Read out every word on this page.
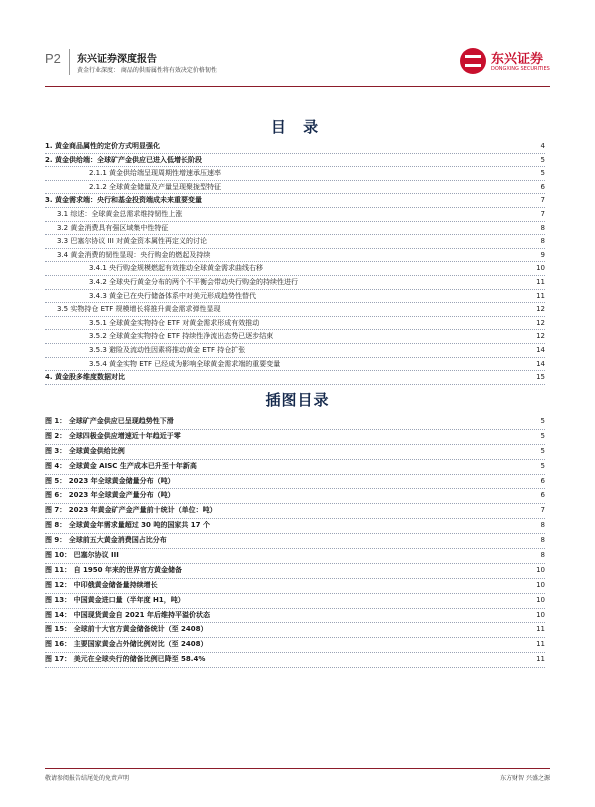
P2 东兴证券深度报告
黄金行业深度： 商品的供需属性将有效决定价格韧性
东兴证券
DONGXING SECURITIES
目 录
1. 黄金商品属性的定价方式明显强化	4
2. 黄金供给端：全球矿产金供应已进入低增长阶段	5
2.1.1 黄金供给端呈现周期性增速承压速率	5
2.1.2 全球黄金储量及产量呈现聚拢型特征	6
3. 黄金需求端：央行和基金投资端成未来重要变量	7
3.1 综述：全球黄金总需求维持韧性上涨	7
3.2 黄金消费具有强区域集中性特征	8
3.3 巴塞尔协议 III 对黄金资本属性再定义的讨论	8
3.4 黄金消费的韧性显现：央行购金的燃起及持续	9
3.4.1 央行购金规模燃起有效推动全球黄金需求曲线右移	10
3.4.2 全球央行黄金分布的两个不平衡会带动央行购金的持续性进行	11
3.4.3 黄金已在央行储备体系中对美元形成趋势性替代	11
3.5 实物持仓 ETF 规模增长将推升黄金需求弹性显现	12
3.5.1 全球黄金实物持仓 ETF 对黄金需求形成有效推动	12
3.5.2 全球黄金实物持仓 ETF 持续性净流出态势已逐步结束	12
3.5.3 避险及流动性因素将推动黄金 ETF 持仓扩张	14
3.5.4 黄金实物 ETF 已经成为影响全球黄金需求端的重要变量	14
4. 黄金股多维度数据对比	15
插图目录
图 1： 全球矿产金供应已呈现趋势性下滑	5
图 2： 全球四极金供应增速近十年趋近于零	5
图 3： 全球黄金供给比例	5
图 4： 全球黄金 AISC 生产成本已升至十年新高	5
图 5： 2023 年全球黄金储量分布（吨）	6
图 6： 2023 年全球黄金产量分布（吨）	6
图 7： 2023 年黄金矿产金产量前十统计（单位：吨）	7
图 8： 全球黄金年需求量超过 30 吨的国家共 17 个	8
图 9： 全球前五大黄金消费国占比分布	8
图 10： 巴塞尔协议 III	8
图 11： 自 1950 年来的世界官方黄金储备	10
图 12： 中印俄黄金储备量持续增长	10
图 13： 中国黄金进口量（半年度 H1，吨）	10
图 14： 中国现货黄金自 2021 年后维持平溢价状态	10
图 15： 全球前十大官方黄金储备统计（至 2408）	11
图 16： 主要国家黄金占外储比例对比（至 2408）	11
图 17： 美元在全球央行的储备比例已降至 58.4%	11
敬请参阅报告结尾处的免责声明	东方财智 兴盛之源
